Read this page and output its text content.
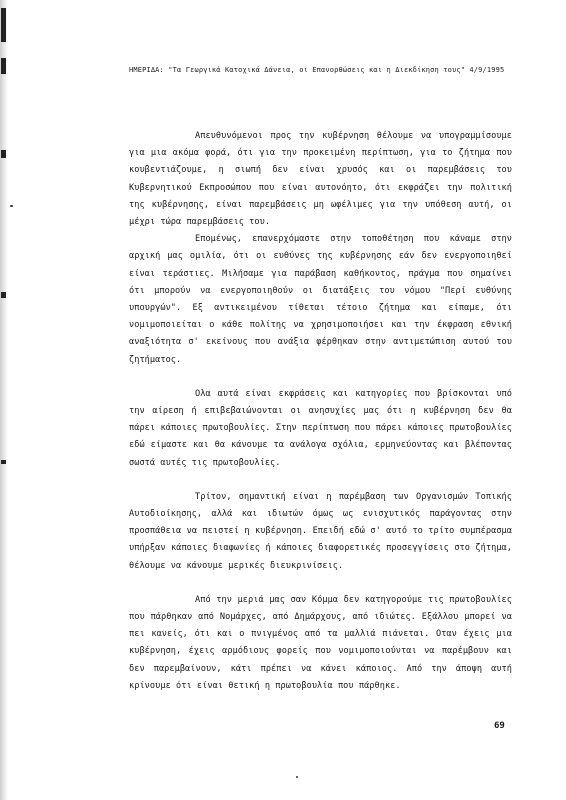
ΗΜΕΡΙΔΑ: "Τα Γεωργικά Κατοχικά Δάνεια, οι Επανορθώσεις και η Διεκδίκηση τους" 4/9/1995

Απευθυνόμενοι προς την κυβέρνηση θέλουμε να υπογραμμίσουμε για μια ακόμα φορά, ότι για την προκειμένη περίπτωση, για το ζήτημα που κουβεντιάζουμε, η σιωπή δεν είναι χρυσός και οι παρεμβάσεις του Κυβερνητικού Εκπροσώπου που είναι αυτονόητο, ότι εκφράζει την πολιτική της κυβέρνησης, είναι παρεμβάσεις μη ωφέλιμες για την υπόθεση αυτή, οι μέχρι τώρα παρεμβάσεις του.

Επομένως, επανερχόμαστε στην τοποθέτηση που κάναμε στην αρχική μας ομιλία, ότι οι ευθύνες της κυβέρνησης εάν δεν ενεργοποιηθεί είναι τεράστιες. Μιλήσαμε για παράβαση καθήκοντος, πράγμα που σημαίνει ότι μπορούν να ενεργοποιηθούν οι διατάξεις του νόμου "Περί ευθύνης υπουργών". Εξ αντικειμένου τίθεται τέτοιο ζήτημα και είπαμε, ότι νομιμοποιείται ο κάθε πολίτης να χρησιμοποιήσει και την έκφραση εθνική αναξιότητα σ' εκείνους που ανάξια φέρθηκαν στην αντιμετώπιση αυτού του ζητήματος.

Ολα αυτά είναι εκφράσεις και κατηγορίες που βρίσκονται υπό την αίρεση ή επιβεβαιώνονται οι ανησυχίες μας ότι η κυβέρνηση δεν θα πάρει κάποιες πρωτοβουλίες. Στην περίπτωση που πάρει κάποιες πρωτοβουλίες εδώ είμαστε και θα κάνουμε τα ανάλογα σχόλια, ερμηνεύοντας και βλέποντας σωστά αυτές τις πρωτοβουλίες.

Τρίτον, σημαντική είναι η παρέμβαση των Οργανισμών Τοπικής Αυτοδιοίκησης, αλλά και ιδιωτών όμως ως ενισχυτικός παράγοντας στην προσπάθεια να πειστεί η κυβέρνηση. Επειδή εδώ σ' αυτό το τρίτο συμπέρασμα υπήρξαν κάποιες διαφωνίες ή κάποιες διαφορετικές προσεγγίσεις στο ζήτημα, θέλουμε να κάνουμε μερικές διευκρινίσεις.

Από την μεριά μας σαν Κόμμα δεν κατηγορούμε τις πρωτοβουλίες που πάρθηκαν από Νομάρχες, από Δημάρχους, από ιδιώτες. Εξάλλου μπορεί να πει κανείς, ότι και ο πνιγμένος από τα μαλλιά πιάνεται. Οταν έχεις μια κυβέρνηση, έχεις αρμόδιους φορείς που νομιμοποιούνται να παρέμβουν και δεν παρεμβαίνουν, κάτι πρέπει να κάνει κάποιος. Από την άποψη αυτή κρίνουμε ότι είναι θετική η πρωτοβουλία που πάρθηκε.

69
